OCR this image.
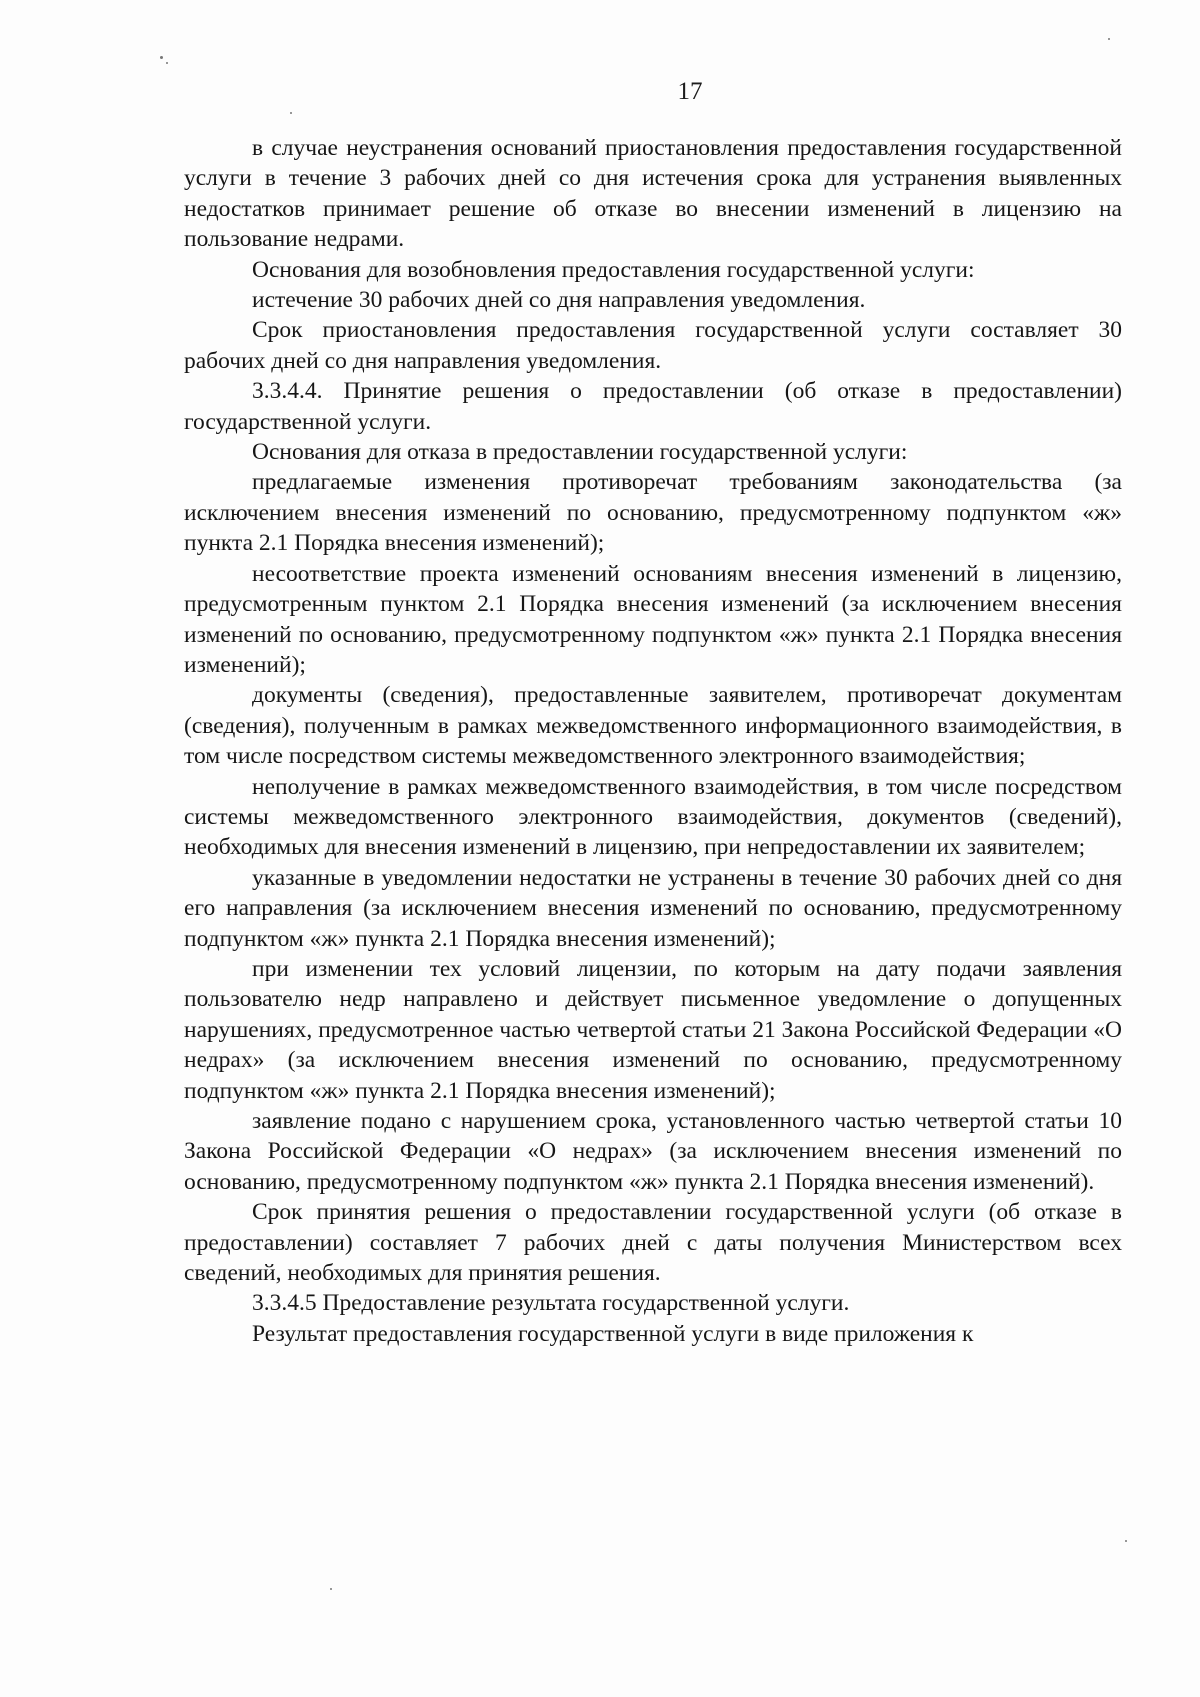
17

в случае неустранения оснований приостановления предоставления государственной услуги в течение 3 рабочих дней со дня истечения срока для устранения выявленных недостатков принимает решение об отказе во внесении изменений в лицензию на пользование недрами.

Основания для возобновления предоставления государственной услуги:

истечение 30 рабочих дней со дня направления уведомления.

Срок приостановления предоставления государственной услуги составляет 30 рабочих дней со дня направления уведомления.

3.3.4.4. Принятие решения о предоставлении (об отказе в предоставлении) государственной услуги.

Основания для отказа в предоставлении государственной услуги:

предлагаемые изменения противоречат требованиям законодательства (за исключением внесения изменений по основанию, предусмотренному подпунктом «ж» пункта 2.1 Порядка внесения изменений);

несоответствие проекта изменений основаниям внесения изменений в лицензию, предусмотренным пунктом 2.1 Порядка внесения изменений (за исключением внесения изменений по основанию, предусмотренному подпунктом «ж» пункта 2.1 Порядка внесения изменений);

документы (сведения), предоставленные заявителем, противоречат документам (сведения), полученным в рамках межведомственного информационного взаимодействия, в том числе посредством системы межведомственного электронного взаимодействия;

неполучение в рамках межведомственного взаимодействия, в том числе посредством системы межведомственного электронного взаимодействия, документов (сведений), необходимых для внесения изменений в лицензию, при непредоставлении их заявителем;

указанные в уведомлении недостатки не устранены в течение 30 рабочих дней со дня его направления (за исключением внесения изменений по основанию, предусмотренному подпунктом «ж» пункта 2.1 Порядка внесения изменений);

при изменении тех условий лицензии, по которым на дату подачи заявления пользователю недр направлено и действует письменное уведомление о допущенных нарушениях, предусмотренное частью четвертой статьи 21 Закона Российской Федерации «О недрах» (за исключением внесения изменений по основанию, предусмотренному подпунктом «ж» пункта 2.1 Порядка внесения изменений);

заявление подано с нарушением срока, установленного частью четвертой статьи 10 Закона Российской Федерации «О недрах» (за исключением внесения изменений по основанию, предусмотренному подпунктом «ж» пункта 2.1 Порядка внесения изменений).

Срок принятия решения о предоставлении государственной услуги (об отказе в предоставлении) составляет 7 рабочих дней с даты получения Министерством всех сведений, необходимых для принятия решения.

3.3.4.5 Предоставление результата государственной услуги.

Результат предоставления государственной услуги в виде приложения к
